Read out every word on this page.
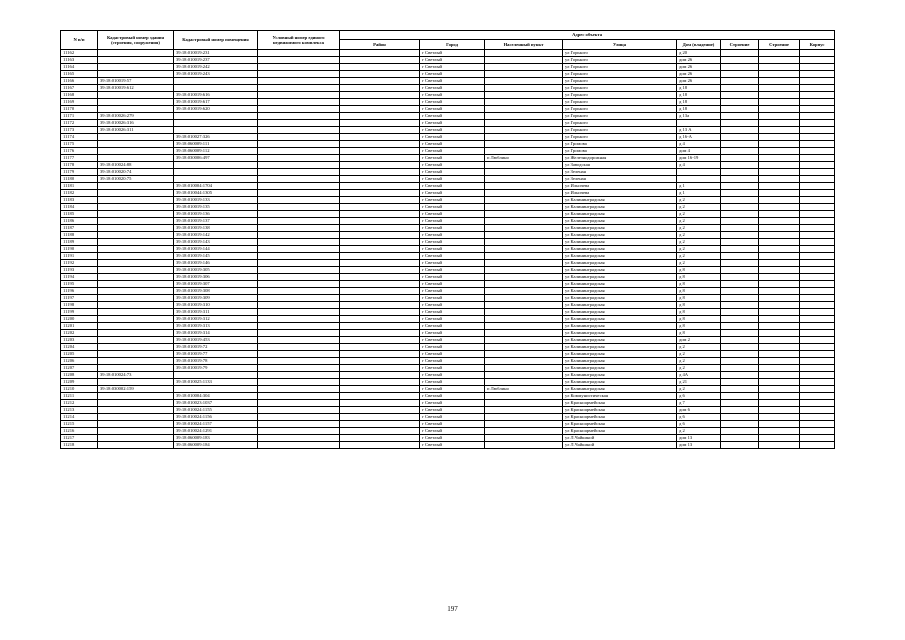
N п/п	Кадастровый номер здания (строения, сооружения)	Кадастровый номер помещения	Условный номер единого недвижимого комплекса	Адрес объекта							
				Район	Город	Населенный пункт	Улица	Дом (владение)	Строение	Строение	Корпус
11162		39:18:010019:231			г Светлый		ул Горького	д 20			
11163		39:18:010019:237			г Светлый		ул Горького	дом 26			
11164		39:18:010019:242			г Светлый		ул Горького	дом 26			
11165		39:18:010019:243			г Светлый		ул Горького	дом 26			
11166	39:18:010019:57				г Светлый		ул Горького	дом 26			
11167	39:18:010019:612				г Светлый		ул Горького	д 18			
11168		39:18:010019:616			г Светлый		ул Горького	д 18			
11169		39:18:010019:617			г Светлый		ул Горького	д 18			
11170		39:18:010019:620			г Светлый		ул Горького	д 18			
11171	39:18:010026:279				г Светлый		ул Горького	д 13а			
11172	39:18:010026:316				г Светлый		ул Горького				
11173	39:18:010026:311				г Светлый		ул Горького	д 13 А			
11174		39:18:010027:326			г Светлый		ул Горького	д 16-А			
11175		39:18:060009:111			г Светлый		ул Громова	д 4			
11176		39:18:060009:112			г Светлый		ул Громова	дом 4			
11177		39:18:030006:497			г Светлый	п Люблино	ул Железнодорожная	дом 16-19			
11178	39:18:010024:88				г Светлый		ул Заводская	д 4			
11179	39:18:010020:74				г Светлый		ул Зеленая				
11180	39:18:010020:75				г Светлый		ул Зеленая				
11181		39:18:010004:1704			г Светлый		ул Ильичева	д 1			
11182		39:18:010044:1305			г Светлый		ул Ильичева	д 1			
11183		39:18:010019:133			г Светлый		ул Калининградская	д 2			
11184		39:18:010019:135			г Светлый		ул Калининградская	д 2			
11185		39:18:010019:136			г Светлый		ул Калининградская	д 2			
11186		39:18:010019:137			г Светлый		ул Калининградская	д 2			
11187		39:18:010019:138			г Светлый		ул Калининградская	д 2			
11188		39:18:010019:142			г Светлый		ул Калининградская	д 2			
11189		39:18:010019:143			г Светлый		ул Калининградская	д 2			
11190		39:18:010019:144			г Светлый		ул Калининградская	д 2			
11191		39:18:010019:145			г Светлый		ул Калининградская	д 2			
11192		39:18:010019:146			г Светлый		ул Калининградская	д 2			
11193		39:18:010019:305			г Светлый		ул Калининградская	д 8			
11194		39:18:010019:306			г Светлый		ул Калининградская	д 8			
11195		39:18:010019:307			г Светлый		ул Калининградская	д 8			
11196		39:18:010019:308			г Светлый		ул Калининградская	д 8			
11197		39:18:010019:309			г Светлый		ул Калининградская	д 8			
11198		39:18:010019:310			г Светлый		ул Калининградская	д 8			
11199		39:18:010019:311			г Светлый		ул Калининградская	д 8			
11200		39:18:010019:312			г Светлый		ул Калининградская	д 8			
11201		39:18:010019:313			г Светлый		ул Калининградская	д 8			
11202		39:18:010019:314			г Светлый		ул Калининградская	д 8			
11203		39:18:010019:453			г Светлый		ул Калининградская	дом 2			
11204		39:18:010019:72			г Светлый		ул Калининградская	д 2			
11205		39:18:010019:77			г Светлый		ул Калининградская	д 2			
11206		39:18:010019:78			г Светлый		ул Калининградская	д 2			
11207		39:18:010019:79			г Светлый		ул Калининградская	д 2			
11208	39:18:010024:73				г Светлый		ул Калининградская	д 4А			
11209		39:18:010025:1133			г Светлый		ул Калининградская	д 21			
11210	39:18:030002:159				г Светлый	п Люблино	ул Калининградская	д 2			
11211		39:18:010004:304			г Светлый		ул Коммунистическая	д 6			
11212		39:18:010023:1037			г Светлый		ул Красноармейская	д 7			
11213		39:18:010024:1155			г Светлый		ул Красноармейская	дом 6			
11214		39:18:010024:1156			г Светлый		ул Красноармейская	д 6			
11215		39:18:010024:1157			г Светлый		ул Красноармейская	д 6			
11216		39:18:010024:1291			г Светлый		ул Красноармейская	д 2			
11217		39:18:060009:183			г Светлый		ул Л.Чайкиной	дом 13			
11218		39:18:060009:184			г Светлый		ул Л.Чайкиной	дом 13			
197
